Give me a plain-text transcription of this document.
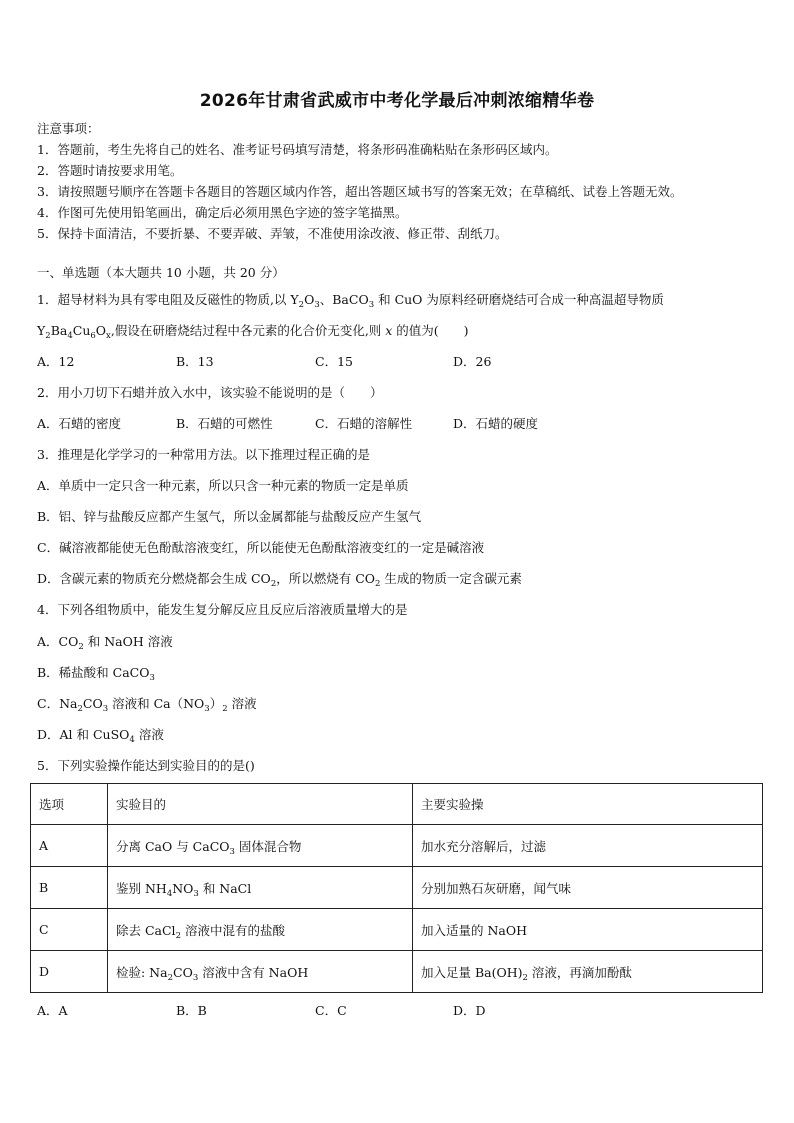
2026年甘肃省武威市中考化学最后冲刺浓缩精华卷
注意事项：
1．答题前，考生先将自己的姓名、准考证号码填写清楚，将条形码准确粘贴在条形码区域内。
2．答题时请按要求用笔。
3．请按照题号顺序在答题卡各题目的答题区域内作答，超出答题区域书写的答案无效；在草稿纸、试卷上答题无效。
4．作图可先使用铅笔画出，确定后必须用黑色字迹的签字笔描黑。
5．保持卡面清洁，不要折暴、不要弄破、弄皱，不准使用涂改液、修正带、刮纸刀。
一、单选题（本大题共 10 小题，共 20 分）
1．超导材料为具有零电阻及反磁性的物质,以 $Y_2O_3$、BaCO$_3$ 和 CuO 为原料经研磨烧结可合成一种高温超导物质
$Y_2Ba_4Cu_6O_x$,假设在研磨烧结过程中各元素的化合价无变化,则 x 的值为(　　)
A．12	B．13	C．15	D．26
2．用小刀切下石蜡并放入水中，该实验不能说明的是（　　）
A．石蜡的密度	B．石蜡的可燃性	C．石蜡的溶解性	D．石蜡的硬度
3．推理是化学学习的一种常用方法。以下推理过程正确的是
A．单质中一定只含一种元素，所以只含一种元素的物质一定是单质
B．铝、锌与盐酸反应都产生氢气，所以金属都能与盐酸反应产生氢气
C．碱溶液都能使无色酚酞溶液变红，所以能使无色酚酞溶液变红的一定是碱溶液
D．含碳元素的物质充分燃烧都会生成 $CO_2$，所以燃烧有 $CO_2$ 生成的物质一定含碳元素
4．下列各组物质中，能发生复分解反应且反应后溶液质量增大的是
A．$CO_2$ 和 NaOH 溶液
B．稀盐酸和 CaCO$_3$
C．$Na_2CO_3$ 溶液和 $Ca(NO_3)_2$ 溶液
D．Al 和 CuSO$_4$ 溶液
5．下列实验操作能达到实验目的的是()
选项	实验目的	主要实验操
A	分离 CaO 与 CaCO$_3$ 固体混合物	加水充分溶解后，过滤
B	鉴别 $NH_4NO_3$ 和 NaCl	分别加熟石灰研磨，闻气味
C	除去 CaCl$_2$ 溶液中混有的盐酸	加入适量的 NaOH
D	检验: $Na_2CO_3$ 溶液中含有 NaOH	加入足量 $Ba(OH)_2$ 溶液，再滴加酚酞
A．A	B．B	C．C	D．D
